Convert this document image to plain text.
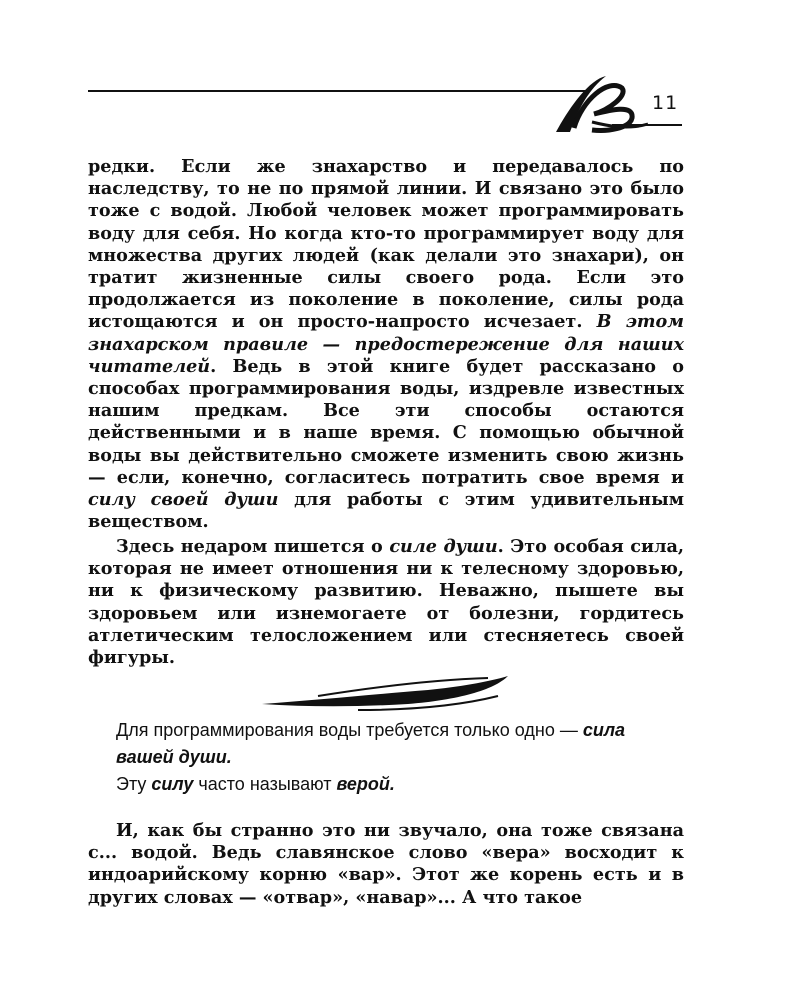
11

редки. Если же знахарство и передавалось по наследству, то не по прямой линии. И связано это было тоже с водой. Любой человек может программировать воду для себя. Но когда кто-то программирует воду для множества других людей (как делали это знахари), он тратит жизненные силы своего рода. Если это продолжается из поколение в поколение, силы рода истощаются и он просто-напросто исчезает. В этом знахарском правиле — предостережение для наших читателей. Ведь в этой книге будет рассказано о способах программирования воды, издревле известных нашим предкам. Все эти способы остаются действенными и в наше время. С помощью обычной воды вы действительно сможете изменить свою жизнь — если, конечно, согласитесь потратить свое время и силу своей души для работы с этим удивительным веществом.

Здесь недаром пишется о силе души. Это особая сила, которая не имеет отношения ни к телесному здоровью, ни к физическому развитию. Неважно, пышете вы здоровьем или изнемогаете от болезни, гордитесь атлетическим телосложением или стесняетесь своей фигуры.

Для программирования воды требуется только одно — сила вашей души.

Эту силу часто называют верой.

И, как бы странно это ни звучало, она тоже связана с... водой. Ведь славянское слово «вера» восходит к индоарийскому корню «вар». Этот же корень есть и в других словах — «отвар», «навар»... А что такое
